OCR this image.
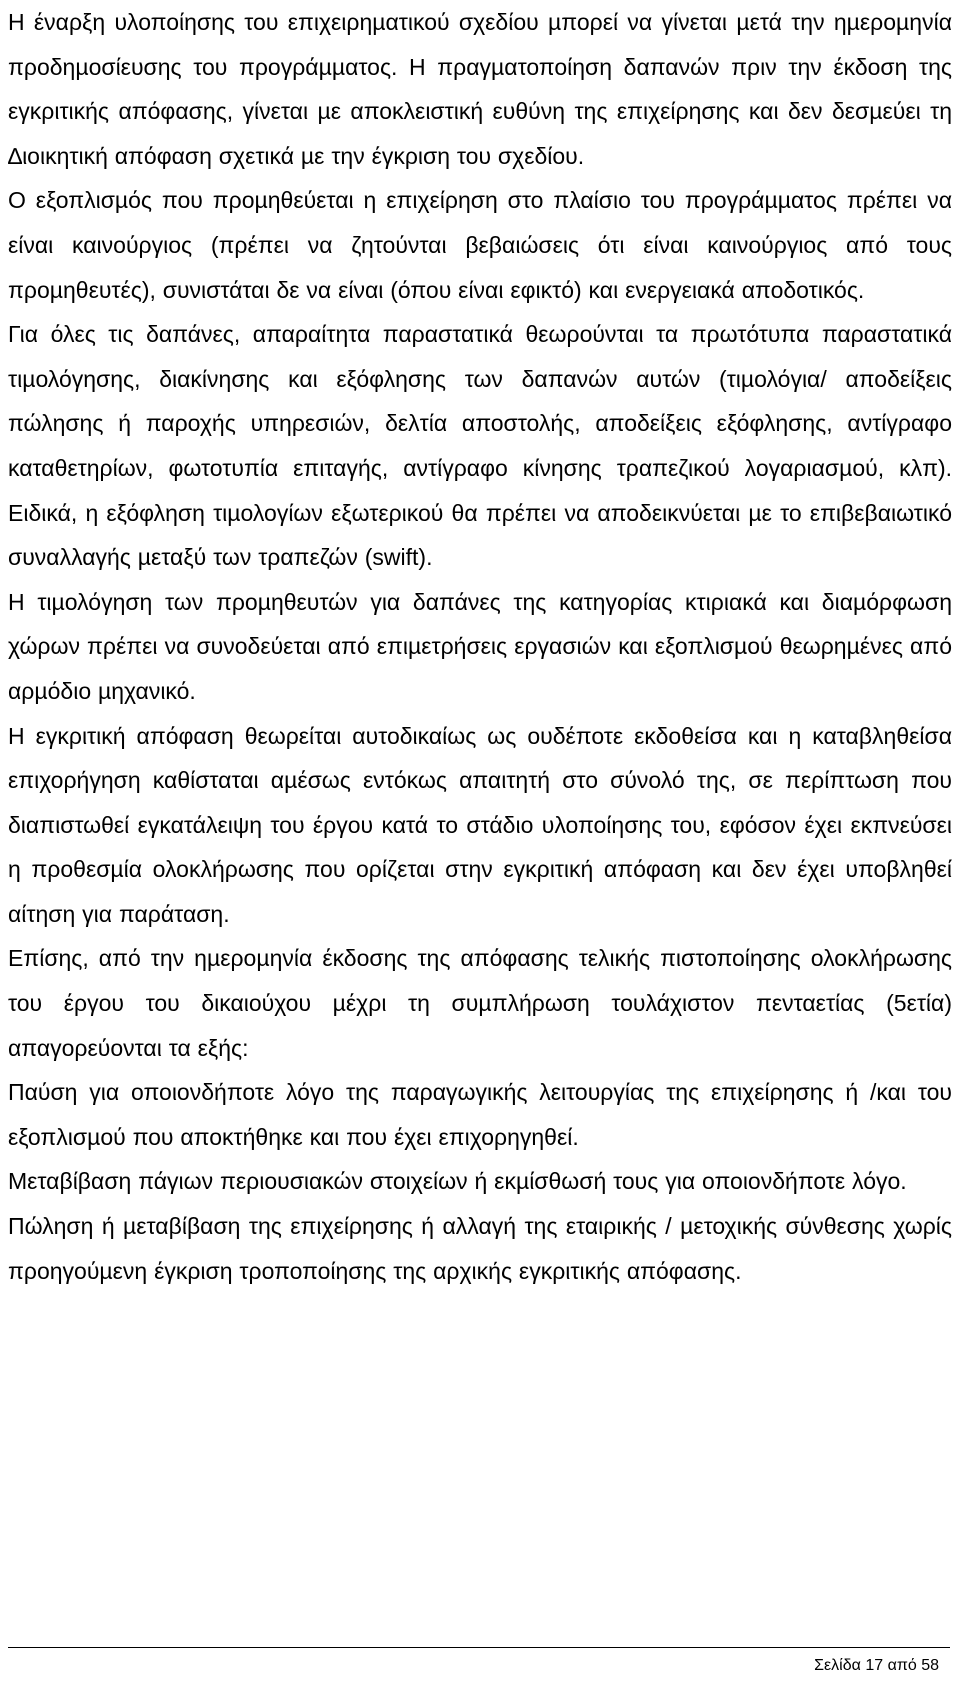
Η έναρξη υλοποίησης του επιχειρηµατικού σχεδίου µπορεί να γίνεται µετά την ηµεροµηνία προδηµοσίευσης του προγράµµατος. Η πραγµατοποίηση δαπανών πριν την έκδοση της εγκριτικής απόφασης, γίνεται µε αποκλειστική ευθύνη της επιχείρησης και δεν δεσµεύει τη ∆ιοικητική απόφαση σχετικά µε την έγκριση του σχεδίου.

Ο εξοπλισµός που προµηθεύεται η επιχείρηση στο πλαίσιο του προγράµµατος πρέπει να είναι καινούργιος (πρέπει να ζητούνται βεβαιώσεις ότι είναι καινούργιος από τους προµηθευτές), συνιστάται δε να είναι (όπου είναι εφικτό) και ενεργειακά αποδοτικός.

Για όλες τις δαπάνες, απαραίτητα παραστατικά θεωρούνται τα πρωτότυπα παραστατικά τιµολόγησης, διακίνησης και εξόφλησης των δαπανών αυτών (τιµολόγια/ αποδείξεις πώλησης ή παροχής υπηρεσιών, δελτία αποστολής, αποδείξεις εξόφλησης, αντίγραφο καταθετηρίων, φωτοτυπία επιταγής, αντίγραφο κίνησης τραπεζικού λογαριασµού, κλπ). Ειδικά, η εξόφληση τιµολογίων εξωτερικού θα πρέπει να αποδεικνύεται µε το επιβεβαιωτικό συναλλαγής µεταξύ των τραπεζών (swift).

Η τιµολόγηση των προµηθευτών για δαπάνες της κατηγορίας κτιριακά και διαµόρφωση χώρων πρέπει να συνοδεύεται από επιµετρήσεις εργασιών και εξοπλισµού θεωρηµένες από αρµόδιο µηχανικό.

Η εγκριτική απόφαση θεωρείται αυτοδικαίως ως ουδέποτε εκδοθείσα και η καταβληθείσα επιχορήγηση καθίσταται αµέσως εντόκως απαιτητή στο σύνολό της, σε περίπτωση που διαπιστωθεί εγκατάλειψη του έργου κατά το στάδιο υλοποίησης του, εφόσον έχει εκπνεύσει η προθεσµία ολοκλήρωσης που ορίζεται στην εγκριτική απόφαση και δεν έχει υποβληθεί αίτηση για παράταση.

Επίσης, από την ηµεροµηνία έκδοσης της απόφασης τελικής πιστοποίησης ολοκλήρωσης του έργου του δικαιούχου µέχρι τη συµπλήρωση τουλάχιστον πενταετίας (5ετία) απαγορεύονται τα εξής:

Παύση για οποιονδήποτε λόγο της παραγωγικής λειτουργίας της επιχείρησης ή /και του εξοπλισµού που αποκτήθηκε και που έχει επιχορηγηθεί.

Μεταβίβαση πάγιων περιουσιακών στοιχείων ή εκµίσθωσή τους για οποιονδήποτε λόγο.

Πώληση ή µεταβίβαση της επιχείρησης ή αλλαγή της εταιρικής / µετοχικής σύνθεσης χωρίς προηγούµενη έγκριση τροποποίησης της αρχικής εγκριτικής απόφασης.

Σελίδα 17 από 58
